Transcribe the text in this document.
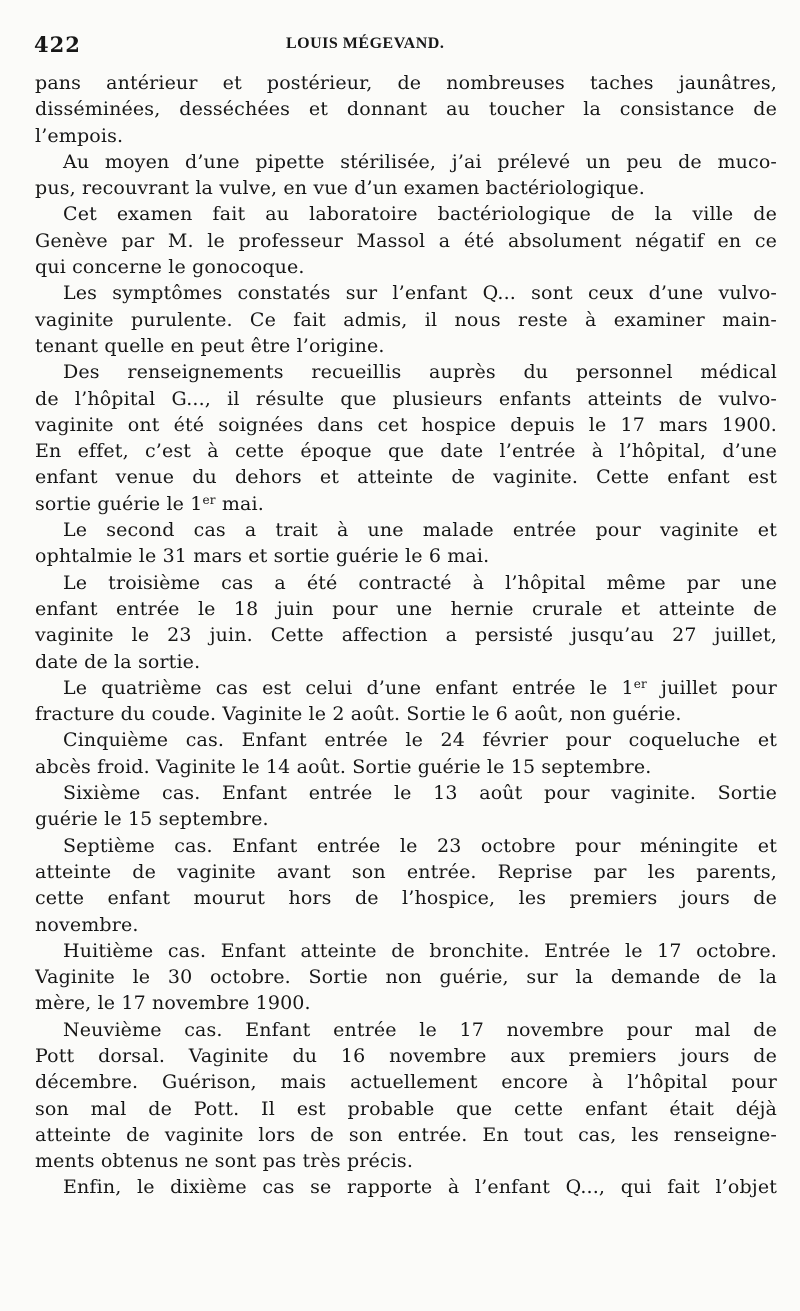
422	LOUIS MÉGEVAND.
pans antérieur et postérieur, de nombreuses taches jaunâtres,
disséminées, desséchées et donnant au toucher la consistance de
l’empois.
Au moyen d’une pipette stérilisée, j’ai prélevé un peu de muco-
pus, recouvrant la vulve, en vue d’un examen bactériologique.
Cet examen fait au laboratoire bactériologique de la ville de
Genève par M. le professeur Massol a été absolument négatif en ce
qui concerne le gonocoque.
Les symptômes constatés sur l’enfant Q... sont ceux d’une vulvo-
vaginite purulente. Ce fait admis, il nous reste à examiner main-
tenant quelle en peut être l’origine.
Des renseignements recueillis auprès du personnel médical
de l’hôpital G..., il résulte que plusieurs enfants atteints de vulvo-
vaginite ont été soignées dans cet hospice depuis le 17 mars 1900.
En effet, c’est à cette époque que date l’entrée à l’hôpital, d’une
enfant venue du dehors et atteinte de vaginite. Cette enfant est
sortie guérie le 1er mai.
Le second cas a trait à une malade entrée pour vaginite et
ophtalmie le 31 mars et sortie guérie le 6 mai.
Le troisième cas a été contracté à l’hôpital même par une
enfant entrée le 18 juin pour une hernie crurale et atteinte de
vaginite le 23 juin. Cette affection a persisté jusqu’au 27 juillet,
date de la sortie.
Le quatrième cas est celui d’une enfant entrée le 1er juillet pour
fracture du coude. Vaginite le 2 août. Sortie le 6 août, non guérie.
Cinquième cas. Enfant entrée le 24 février pour coqueluche et
abcès froid. Vaginite le 14 août. Sortie guérie le 15 septembre.
Sixième cas. Enfant entrée le 13 août pour vaginite. Sortie
guérie le 15 septembre.
Septième cas. Enfant entrée le 23 octobre pour méningite et
atteinte de vaginite avant son entrée. Reprise par les parents,
cette enfant mourut hors de l’hospice, les premiers jours de
novembre.
Huitième cas. Enfant atteinte de bronchite. Entrée le 17 octobre.
Vaginite le 30 octobre. Sortie non guérie, sur la demande de la
mère, le 17 novembre 1900.
Neuvième cas. Enfant entrée le 17 novembre pour mal de
Pott dorsal. Vaginite du 16 novembre aux premiers jours de
décembre. Guérison, mais actuellement encore à l’hôpital pour
son mal de Pott. Il est probable que cette enfant était déjà
atteinte de vaginite lors de son entrée. En tout cas, les renseigne-
ments obtenus ne sont pas très précis.
Enfin, le dixième cas se rapporte à l’enfant Q..., qui fait l’objet
